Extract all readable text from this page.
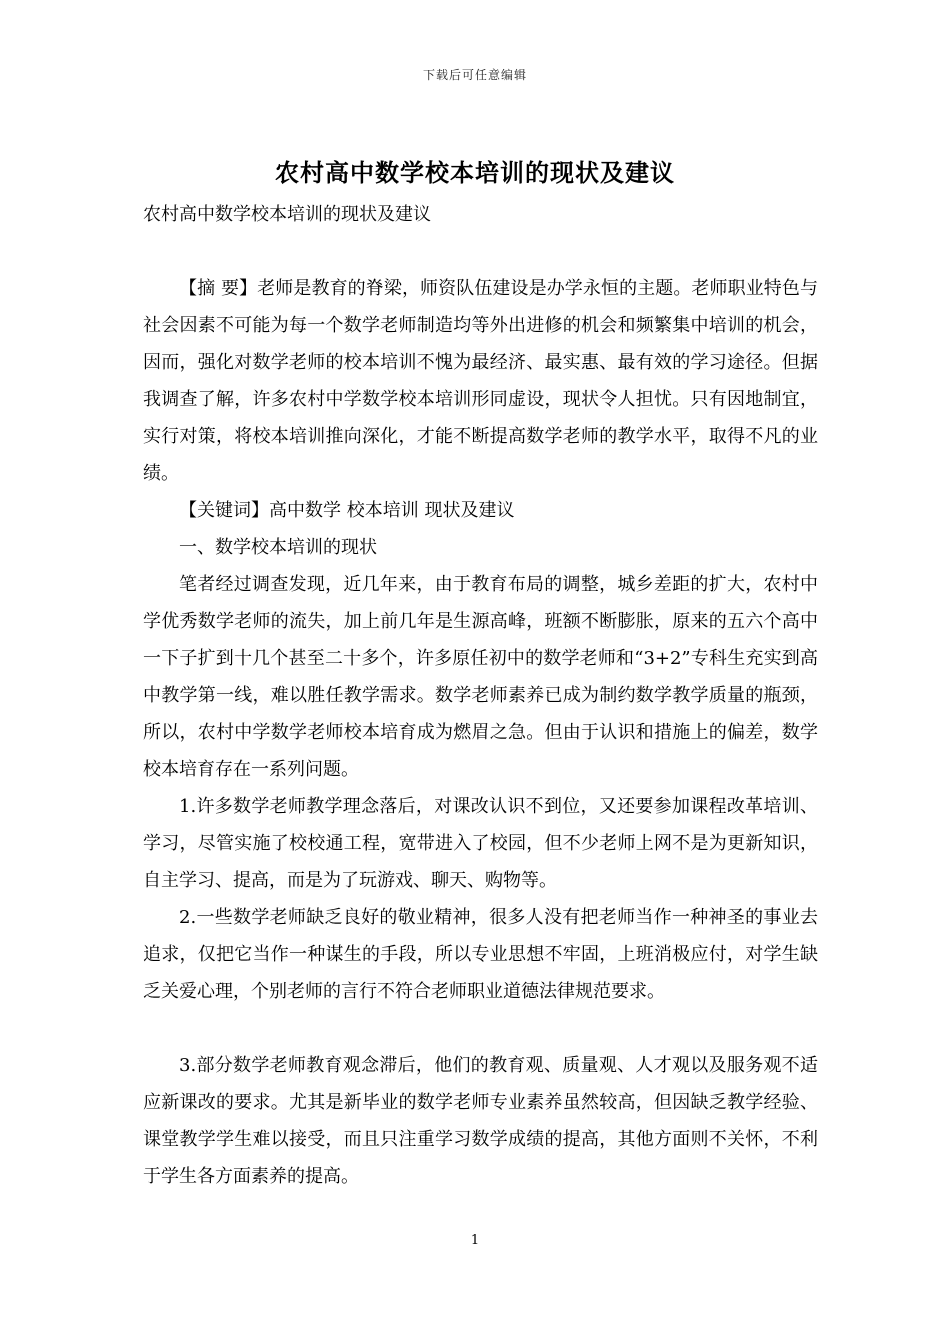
下载后可任意编辑
农村高中数学校本培训的现状及建议
农村高中数学校本培训的现状及建议

【摘 要】老师是教育的脊梁，师资队伍建设是办学永恒的主题。老师职业特色与社会因素不可能为每一个数学老师制造均等外出进修的机会和频繁集中培训的机会，因而，强化对数学老师的校本培训不愧为最经济、最实惠、最有效的学习途径。但据我调查了解，许多农村中学数学校本培训形同虚设，现状令人担忧。只有因地制宜，实行对策，将校本培训推向深化，才能不断提高数学老师的教学水平，取得不凡的业绩。

【关键词】高中数学 校本培训 现状及建议

一、数学校本培训的现状

笔者经过调查发现，近几年来，由于教育布局的调整，城乡差距的扩大，农村中学优秀数学老师的流失，加上前几年是生源高峰，班额不断膨胀，原来的五六个高中一下子扩到十几个甚至二十多个，许多原任初中的数学老师和“3+2”专科生充实到高中教学第一线，难以胜任教学需求。数学老师素养已成为制约数学教学质量的瓶颈，所以，农村中学数学老师校本培育成为燃眉之急。但由于认识和措施上的偏差，数学校本培育存在一系列问题。

1.许多数学老师教学理念落后，对课改认识不到位，又还要参加课程改革培训、学习，尽管实施了校校通工程，宽带进入了校园，但不少老师上网不是为更新知识，自主学习、提高，而是为了玩游戏、聊天、购物等。

2.一些数学老师缺乏良好的敬业精神，很多人没有把老师当作一种神圣的事业去追求，仅把它当作一种谋生的手段，所以专业思想不牢固，上班消极应付，对学生缺乏关爱心理，个别老师的言行不符合老师职业道德法律规范要求。

3.部分数学老师教育观念滞后，他们的教育观、质量观、人才观以及服务观不适应新课改的要求。尤其是新毕业的数学老师专业素养虽然较高，但因缺乏教学经验、课堂教学学生难以接受，而且只注重学习数学成绩的提高，其他方面则不关怀，不利于学生各方面素养的提高。

1
